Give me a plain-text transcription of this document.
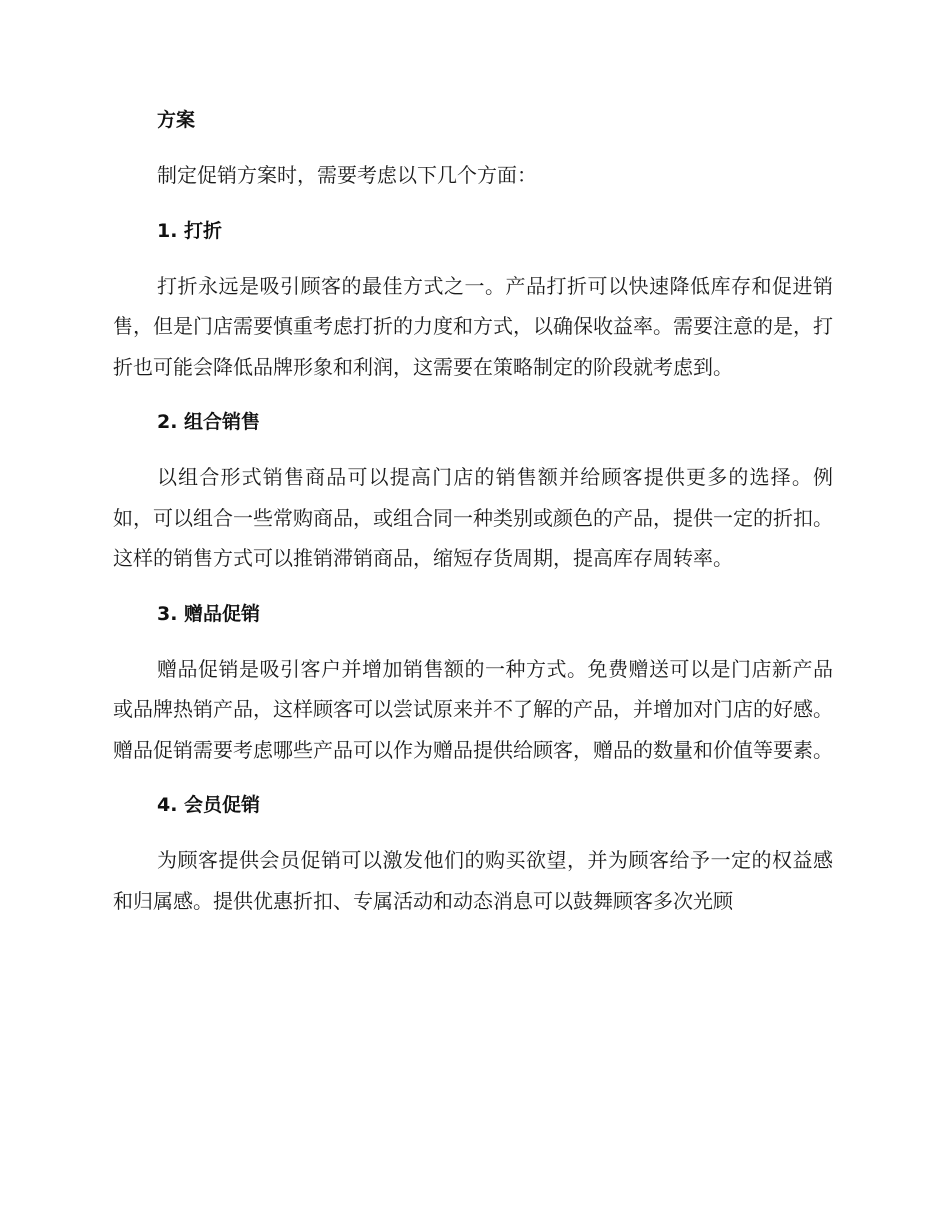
方案

制定促销方案时，需要考虑以下几个方面：

1. 打折

打折永远是吸引顾客的最佳方式之一。产品打折可以快速降低库存和促进销售，但是门店需要慎重考虑打折的力度和方式，以确保收益率。需要注意的是，打折也可能会降低品牌形象和利润，这需要在策略制定的阶段就考虑到。

2. 组合销售

以组合形式销售商品可以提高门店的销售额并给顾客提供更多的选择。例如，可以组合一些常购商品，或组合同一种类别或颜色的产品，提供一定的折扣。这样的销售方式可以推销滞销商品，缩短存货周期，提高库存周转率。

3. 赠品促销

赠品促销是吸引客户并增加销售额的一种方式。免费赠送可以是门店新产品或品牌热销产品，这样顾客可以尝试原来并不了解的产品，并增加对门店的好感。赠品促销需要考虑哪些产品可以作为赠品提供给顾客，赠品的数量和价值等要素。

4. 会员促销

为顾客提供会员促销可以激发他们的购买欲望，并为顾客给予一定的权益感和归属感。提供优惠折扣、专属活动和动态消息可以鼓舞顾客多次光顾
